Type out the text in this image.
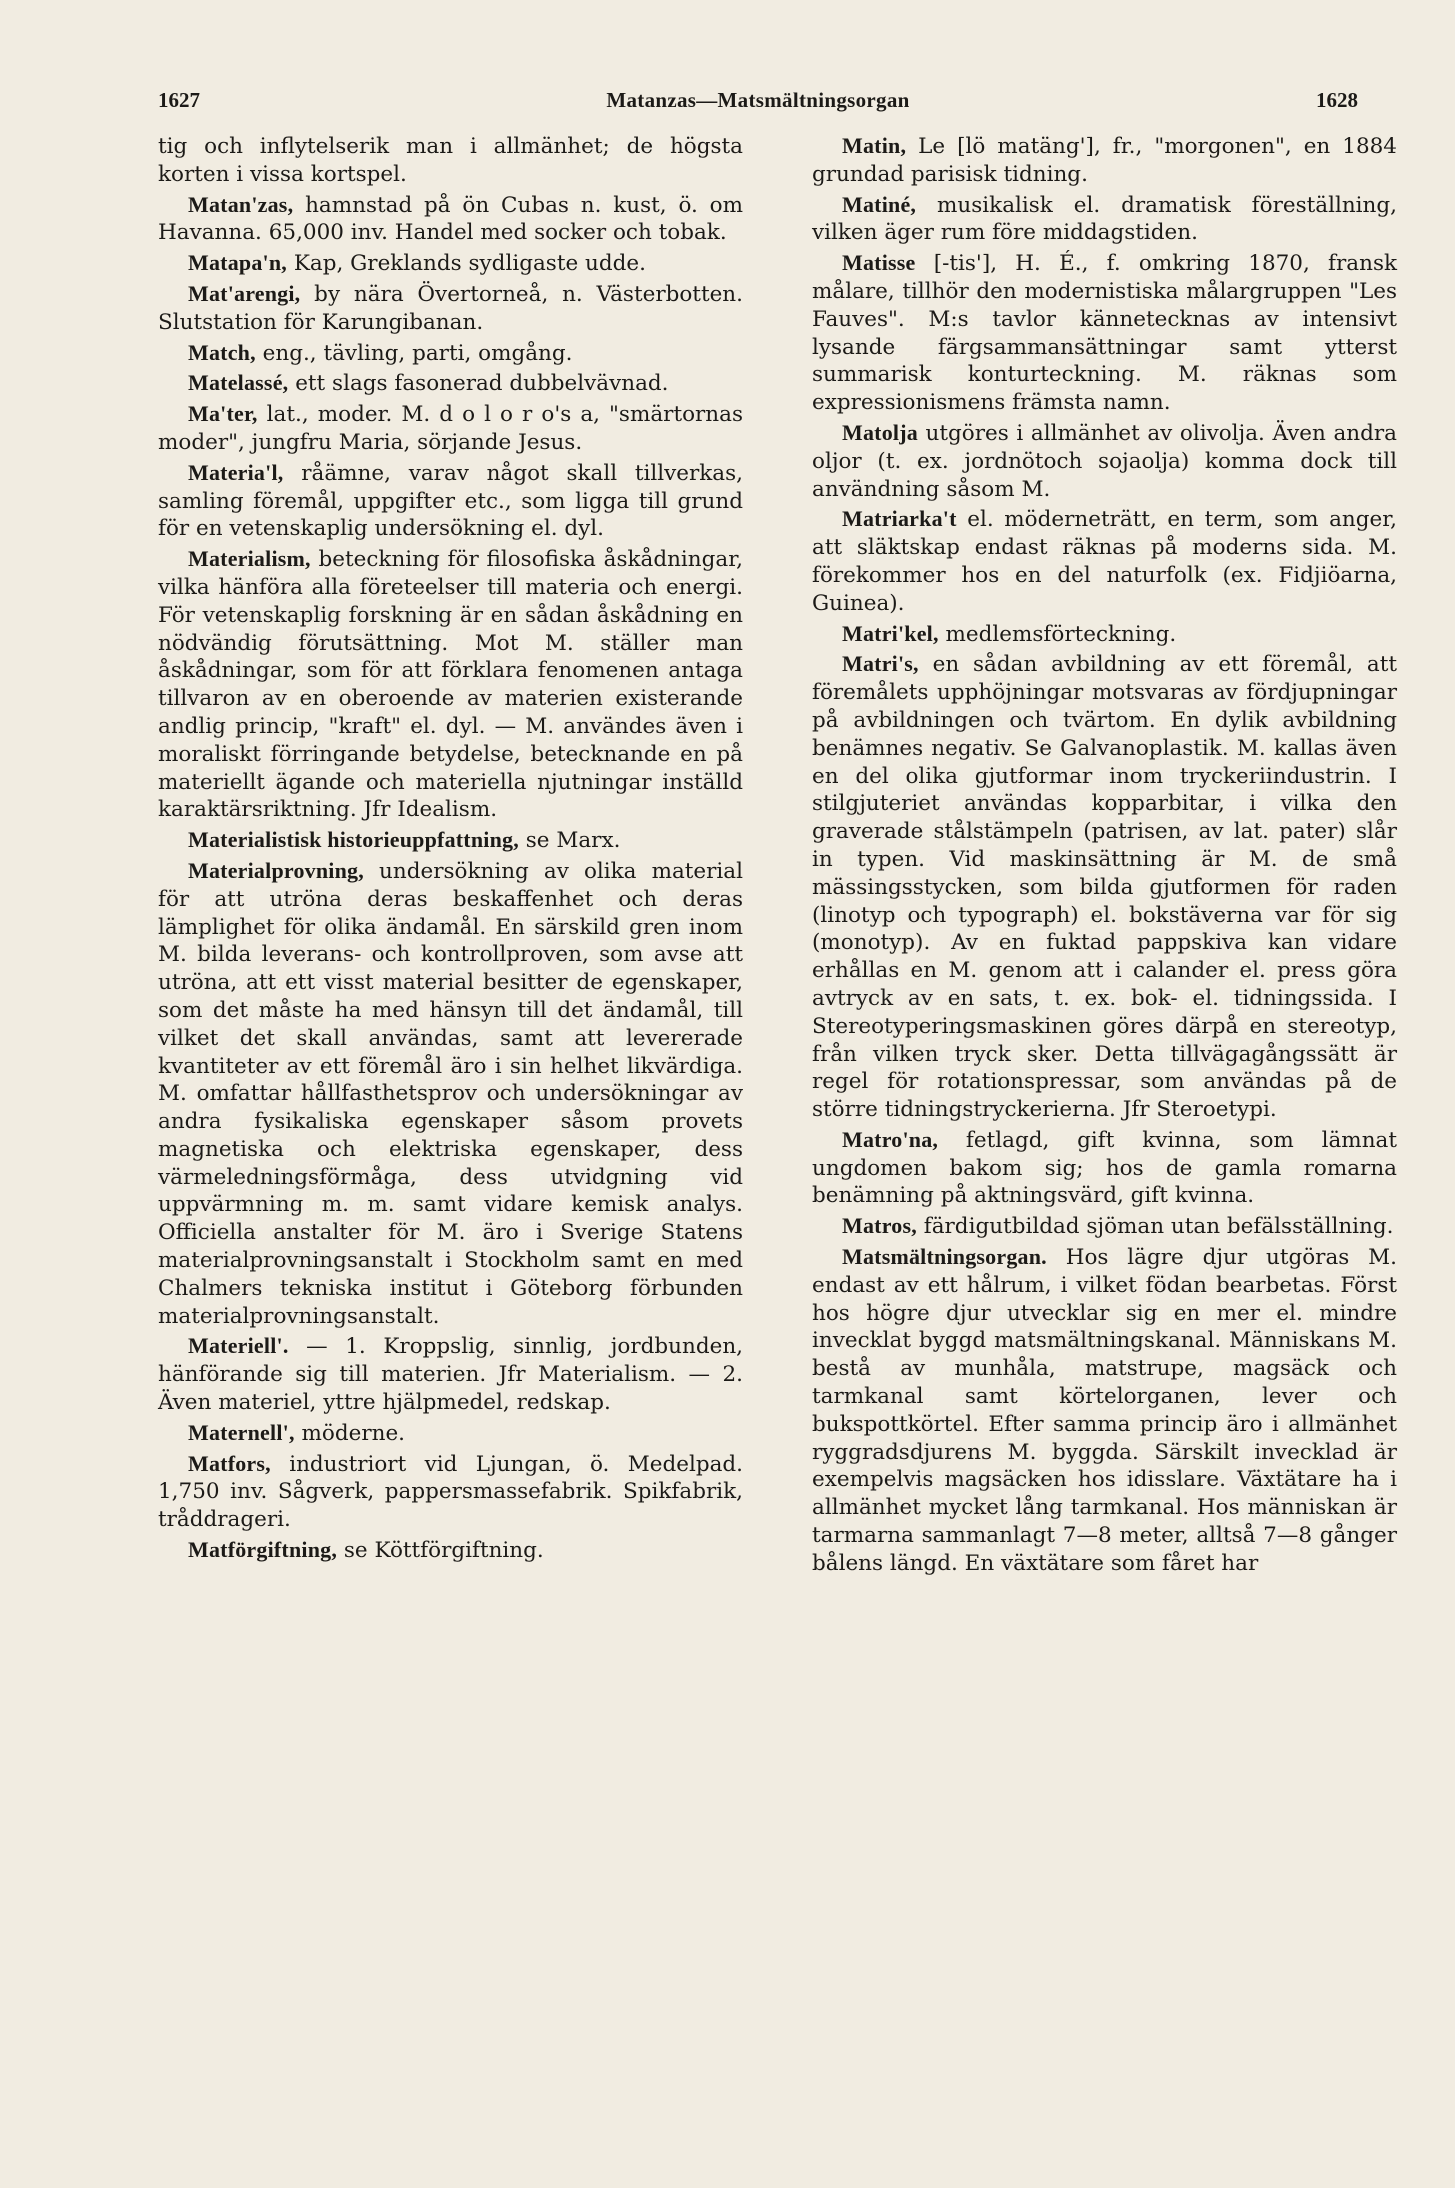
1627	Matanzas—Matsmältningsorgan	1628

tig och inflytelserik man i allmänhet; de högsta korten i vissa kortspel.

Matan'zas, hamnstad på ön Cubas n. kust, ö. om Havanna. 65,000 inv. Handel med socker och tobak.

Matapa'n, Kap, Greklands sydligaste udde.

Mat'arengi, by nära Övertorneå, n. Västerbotten. Slutstation för Karungibanan.

Match, eng., tävling, parti, omgång.

Matelassé, ett slags fasonerad dubbelvävnad.

Ma'ter, lat., moder. M. d o l o r o's a, "smärtornas moder", jungfru Maria, sörjande Jesus.

Materia'l, råämne, varav något skall tillverkas, samling föremål, uppgifter etc., som ligga till grund för en vetenskaplig undersökning el. dyl.

Materialism, beteckning för filosofiska åskådningar, vilka hänföra alla företeelser till materia och energi. För vetenskaplig forskning är en sådan åskådning en nödvändig förutsättning. Mot M. ställer man åskådningar, som för att förklara fenomenen antaga tillvaron av en oberoende av materien existerande andlig princip, "kraft" el. dyl. — M. användes även i moraliskt förringande betydelse, betecknande en på materiellt ägande och materiella njutningar inställd karaktärsriktning. Jfr Idealism.

Materialistisk historieuppfattning, se Marx.

Materialprovning, undersökning av olika material för att utröna deras beskaffenhet och deras lämplighet för olika ändamål. En särskild gren inom M. bilda leverans- och kontrollproven, som avse att utröna, att ett visst material besitter de egenskaper, som det måste ha med hänsyn till det ändamål, till vilket det skall användas, samt att levererade kvantiteter av ett föremål äro i sin helhet likvärdiga. M. omfattar hållfasthetsprov och undersökningar av andra fysikaliska egenskaper såsom provets magnetiska och elektriska egenskaper, dess värmeledningsförmåga, dess utvidgning vid uppvärmning m. m. samt vidare kemisk analys. Officiella anstalter för M. äro i Sverige Statens materialprovningsanstalt i Stockholm samt en med Chalmers tekniska institut i Göteborg förbunden materialprovningsanstalt.

Materiell'. — 1. Kroppslig, sinnlig, jordbunden, hänförande sig till materien. Jfr Materialism. — 2. Även materiel, yttre hjälpmedel, redskap.

Maternell', möderne.

Matfors, industriort vid Ljungan, ö. Medelpad. 1,750 inv. Sågverk, pappersmassefabrik. Spikfabrik, tråddrageri.

Matförgiftning, se Köttförgiftning.

Matin, Le [lö matäng'], fr., "morgonen", en 1884 grundad parisisk tidning.

Matiné, musikalisk el. dramatisk föreställning, vilken äger rum före middagstiden.

Matisse [-tis'], H. É., f. omkring 1870, fransk målare, tillhör den modernistiska målargruppen "Les Fauves". M:s tavlor kännetecknas av intensivt lysande färgsammansättningar samt ytterst summarisk konturteckning. M. räknas som expressionismens främsta namn.

Matolja utgöres i allmänhet av olivolja. Även andra oljor (t. ex. jordnötoch sojaolja) komma dock till användning såsom M.

Matriarka't el. möderneträtt, en term, som anger, att släktskap endast räknas på moderns sida. M. förekommer hos en del naturfolk (ex. Fidjiöarna, Guinea).

Matri'kel, medlemsförteckning.

Matri's, en sådan avbildning av ett föremål, att föremålets upphöjningar motsvaras av fördjupningar på avbildningen och tvärtom. En dylik avbildning benämnes negativ. Se Galvanoplastik. M. kallas även en del olika gjutformar inom tryckeriindustrin. I stilgjuteriet användas kopparbitar, i vilka den graverade stålstämpeln (patrisen, av lat. pater) slår in typen. Vid maskinsättning är M. de små mässingsstycken, som bilda gjutformen för raden (linotyp och typograph) el. bokstäverna var för sig (monotyp). Av en fuktad pappskiva kan vidare erhållas en M. genom att i calander el. press göra avtryck av en sats, t. ex. bok- el. tidningssida. I Stereotyperingsmaskinen göres därpå en stereotyp, från vilken tryck sker. Detta tillvägagångssätt är regel för rotationspressar, som användas på de större tidningstryckerierna. Jfr Steroetypi.

Matro'na, fetlagd, gift kvinna, som lämnat ungdomen bakom sig; hos de gamla romarna benämning på aktningsvärd, gift kvinna.

Matros, färdigutbildad sjöman utan befälsställning.

Matsmältningsorgan. Hos lägre djur utgöras M. endast av ett hålrum, i vilket födan bearbetas. Först hos högre djur utvecklar sig en mer el. mindre invecklat byggd matsmältningskanal. Människans M. bestå av munhåla, matstrupe, magsäck och tarmkanal samt körtelorganen, lever och bukspottkörtel. Efter samma princip äro i allmänhet ryggradsdjurens M. byggda. Särskilt invecklad är exempelvis magsäcken hos idisslare. Växtätare ha i allmänhet mycket lång tarmkanal. Hos människan är tarmarna sammanlagt 7—8 meter, alltså 7—8 gånger bålens längd. En växtätare som fåret har
